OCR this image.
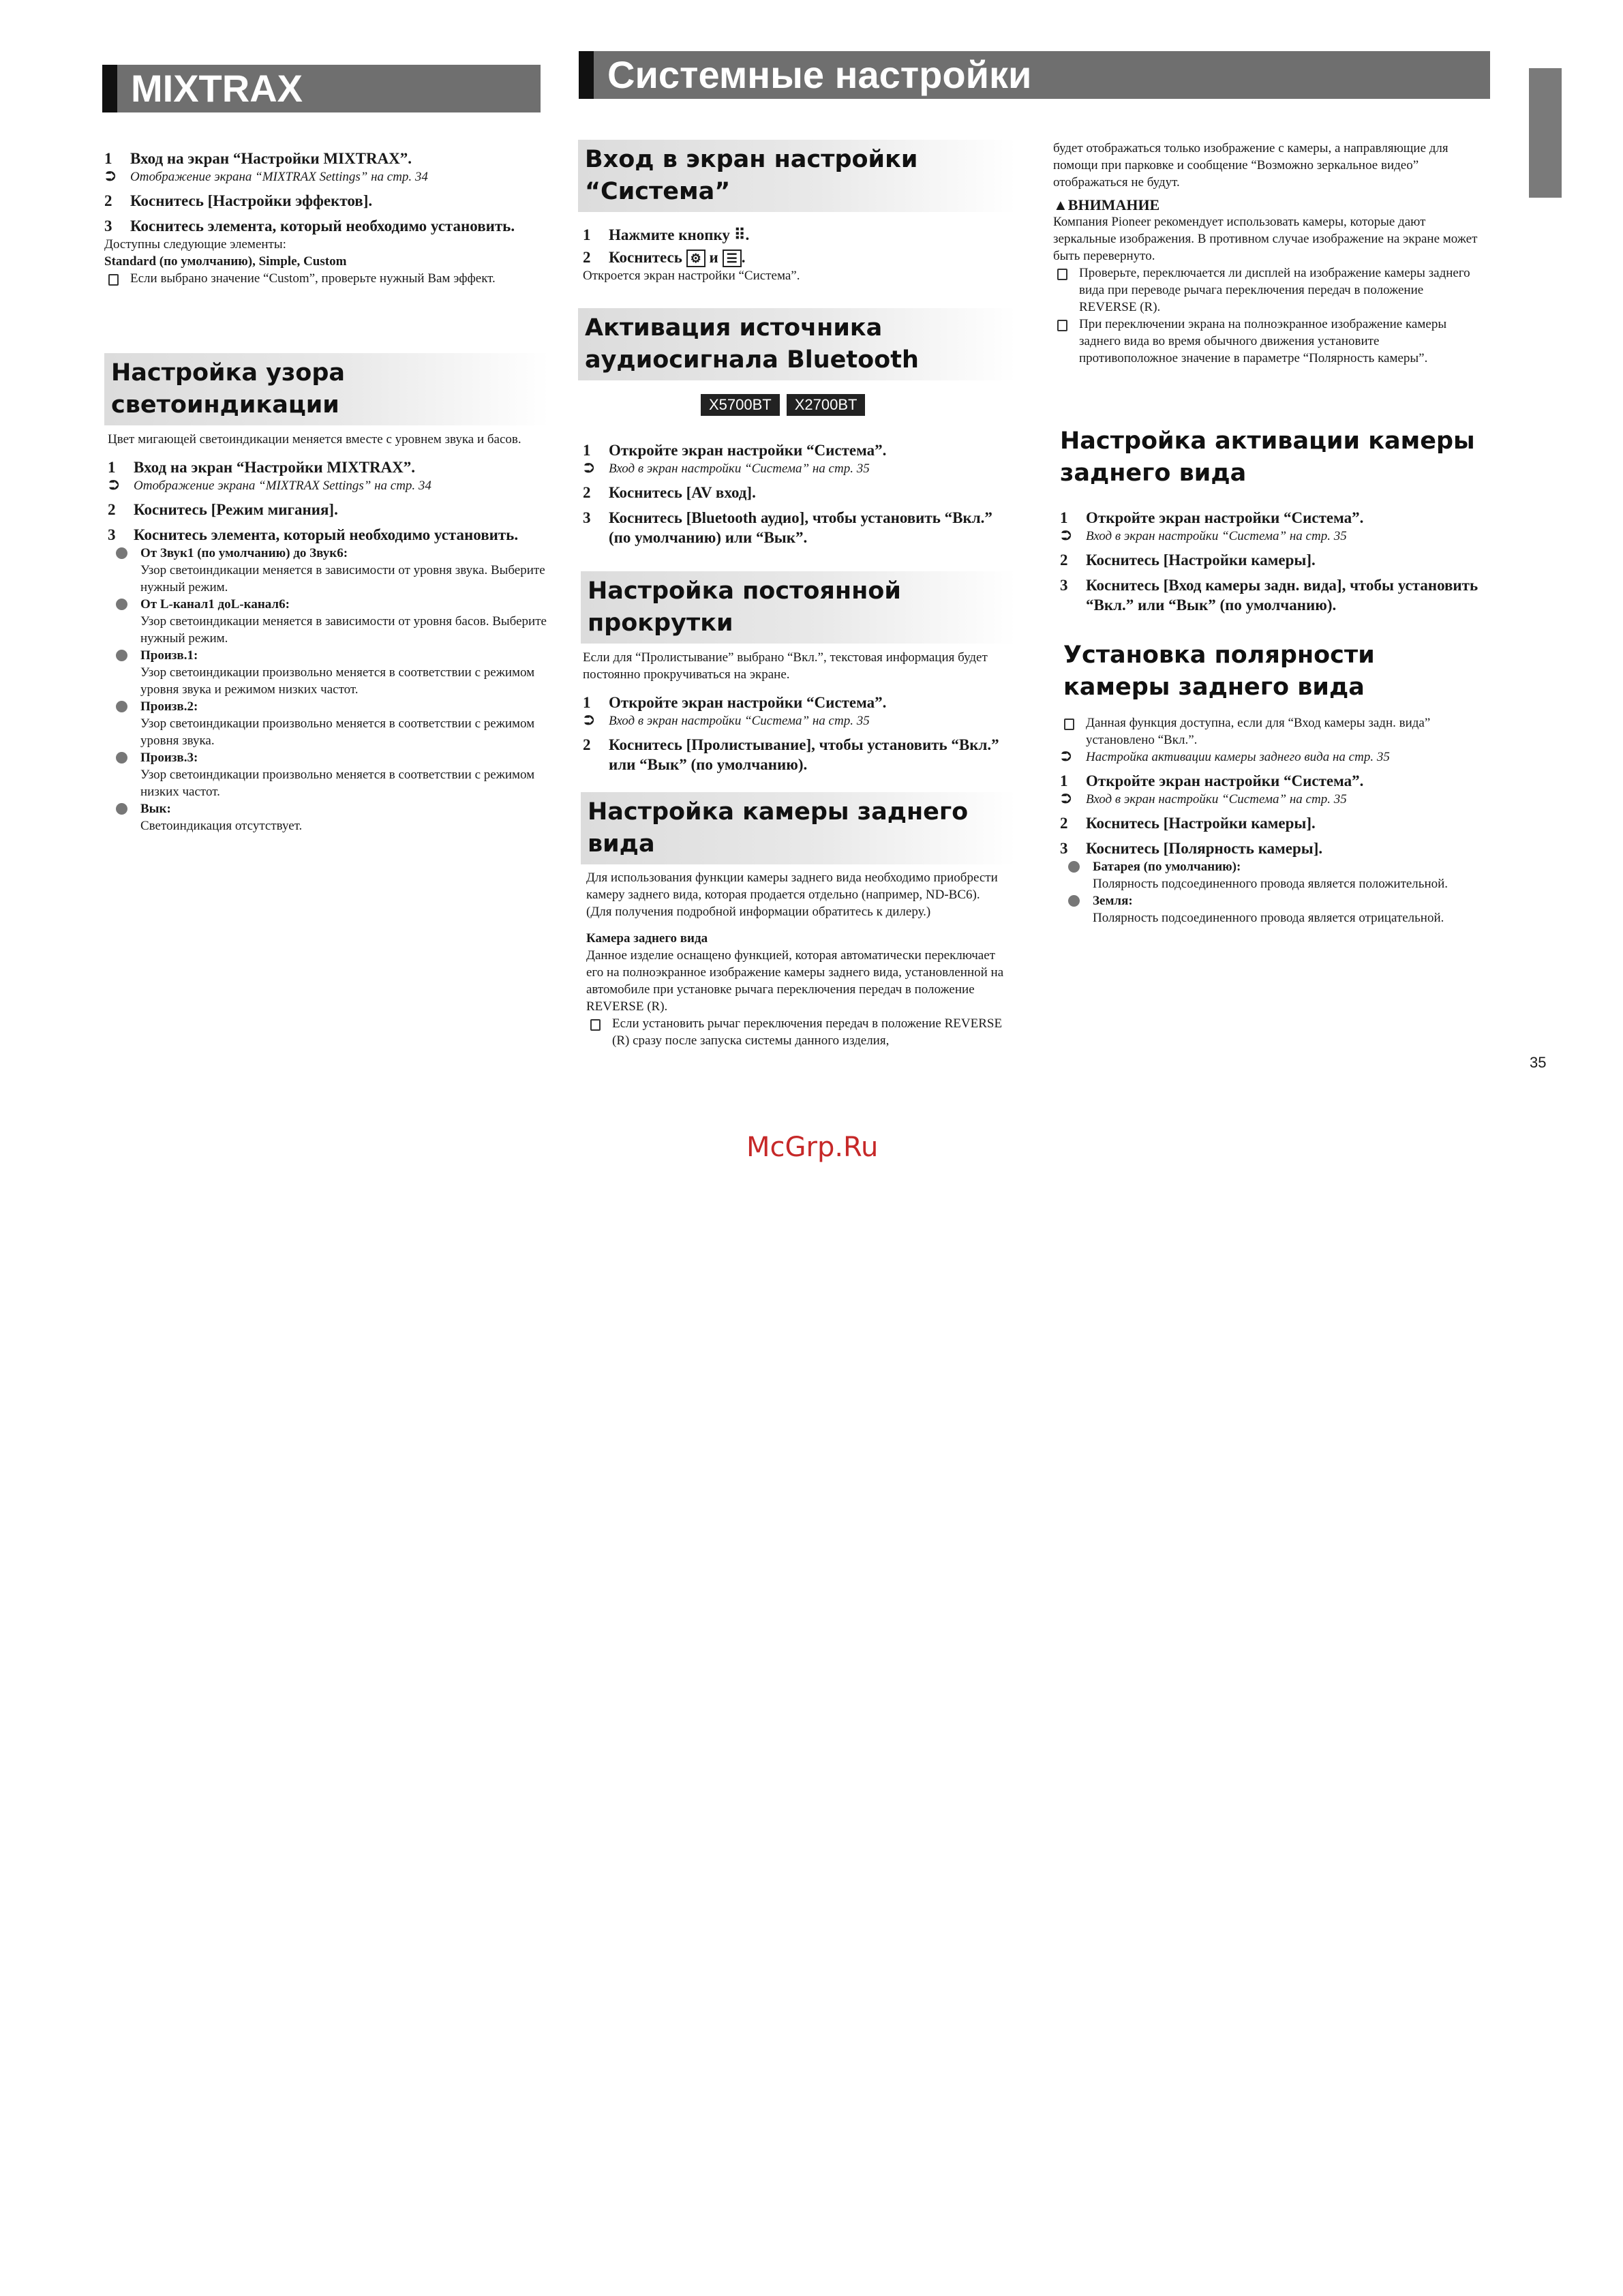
MIXTRAX	Системные настройки

1 Вход на экран “Настройки MIXTRAX”.

⮊ Отображение экрана “MIXTRAX Settings” на стр. 34

2 Коснитесь [Настройки эффектов].

3 Коснитесь элемента, который необходимо установить.

Доступны следующие элементы:

Standard (по умолчанию), Simple, Custom

Если выбрано значение “Custom”, проверьте нужный Вам эффект.

Настройка узора светоиндикации

Цвет мигающей светоиндикации меняется вместе с уровнем звука и басов.

1 Вход на экран “Настройки MIXTRAX”.

⮊ Отображение экрана “MIXTRAX Settings” на стр. 34

2 Коснитесь [Режим мигания].

3 Коснитесь элемента, который необходимо установить.

От Звук1 (по умолчанию) до Звук6:

Узор светоиндикации меняется в зависимости от уровня звука. Выберите нужный режим.

От L-канал1 доL-канал6:

Узор светоиндикации меняется в зависимости от уровня басов. Выберите нужный режим.

Произв.1:

Узор светоиндикации произвольно меняется в соответствии с режимом уровня звука и режимом низких частот.

Произв.2:

Узор светоиндикации произвольно меняется в соответствии с режимом уровня звука.

Произв.3:

Узор светоиндикации произвольно меняется в соответствии с режимом низких частот.

Вык:

Светоиндикация отсутствует.

Вход в экран настройки “Система”

1 Нажмите кнопку ⠿.

2 Коснитесь ⚙ и ☰ .

Откроется экран настройки “Система”.

Активация источника аудиосигнала Bluetooth
X5700BT X2700BT

1 Откройте экран настройки “Система”.

⮊ Вход в экран настройки “Система” на стр. 35

2 Коснитесь [AV вход].

3 Коснитесь [Bluetooth аудио], чтобы установить “Вкл.” (по умолчанию) или “Вык”.

Настройка постоянной прокрутки

Если для “Пролистывание” выбрано “Вкл.”, текстовая информация будет постоянно прокручиваться на экране.

1 Откройте экран настройки “Система”.

⮊ Вход в экран настройки “Система” на стр. 35

2 Коснитесь [Пролистывание], чтобы установить “Вкл.” или “Вык” (по умолчанию).

Настройка камеры заднего вида

Для использования функции камеры заднего вида необходимо приобрести камеру заднего вида, которая продается отдельно (например, ND-BC6). (Для получения подробной информации обратитесь к дилеру.)

Камера заднего вида

Данное изделие оснащено функцией, которая автоматически переключает его на полноэкранное изображение камеры заднего вида, установленной на автомобиле при установке рычага переключения передач в положение REVERSE (R).

Если установить рычаг переключения передач в положение REVERSE (R) сразу после запуска системы данного изделия,

будет отображаться только изображение с камеры, а направляющие для помощи при парковке и сообщение “Возможно зеркальное видео” отображаться не будут.

▲ВНИМАНИЕ

Компания Pioneer рекомендует использовать камеры, которые дают зеркальные изображения. В противном случае изображение на экране может быть перевернуто.

Проверьте, переключается ли дисплей на изображение камеры заднего вида при переводе рычага переключения передач в положение REVERSE (R).

При переключении экрана на полноэкранное изображение камеры заднего вида во время обычного движения установите противоположное значение в параметре “Полярность камеры”.

Настройка активации камеры заднего вида

1 Откройте экран настройки “Система”.

⮊ Вход в экран настройки “Система” на стр. 35

2 Коснитесь [Настройки камеры].

3 Коснитесь [Вход камеры задн. вида], чтобы установить “Вкл.” или “Вык” (по умолчанию).

Установка полярности камеры заднего вида

Данная функция доступна, если для “Вход камеры задн. вида” установлено “Вкл.”.

⮊ Настройка активации камеры заднего вида на стр. 35

1 Откройте экран настройки “Система”.

⮊ Вход в экран настройки “Система” на стр. 35

2 Коснитесь [Настройки камеры].

3 Коснитесь [Полярность камеры].

Батарея (по умолчанию):

Полярность подсоединенного провода является положительной.

Земля:

Полярность подсоединенного провода является отрицательной.

35
McGrp.Ru
